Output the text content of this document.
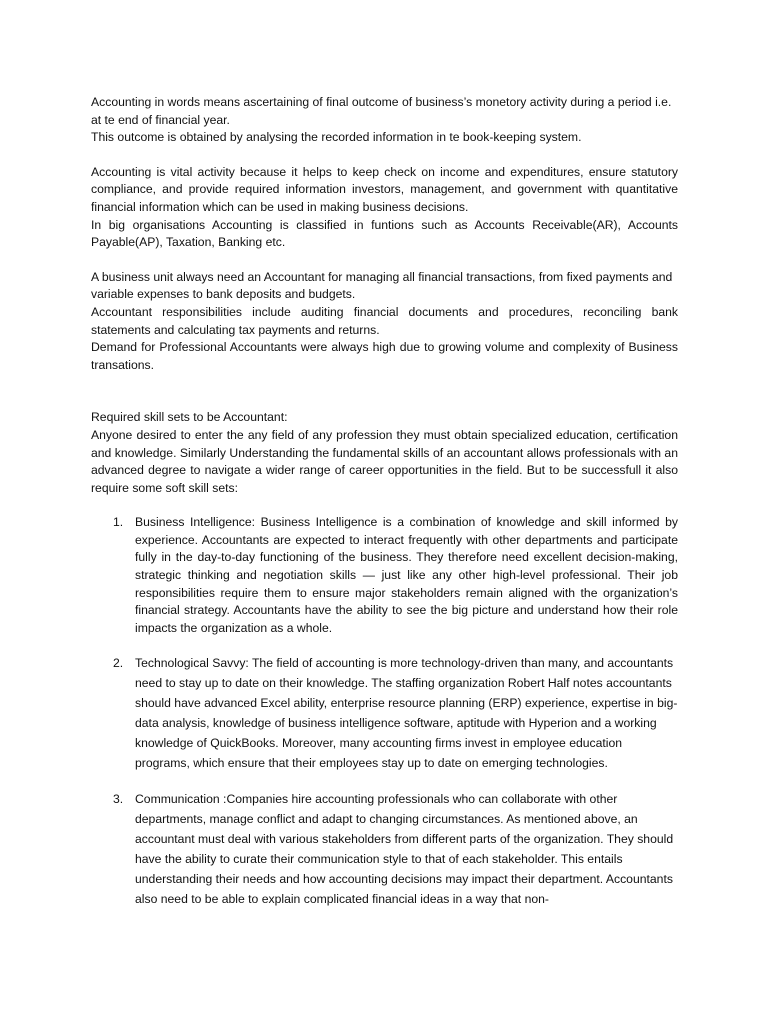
Accounting in words means ascertaining of final outcome of business’s monetory activity during a period i.e. at te end of financial year.

This outcome is obtained by analysing the recorded information in te book-keeping system.

Accounting is vital activity because it helps to keep check on income and expenditures, ensure statutory compliance, and provide required information investors, management, and government with quantitative financial information which can be used in making business decisions.

In big organisations Accounting is classified in funtions such as Accounts Receivable(AR), Accounts Payable(AP), Taxation, Banking etc.

A business unit always need an Accountant for managing all financial transactions, from fixed payments and variable expenses to bank deposits and budgets.

Accountant responsibilities include auditing financial documents and procedures, reconciling bank statements and calculating tax payments and returns.

Demand for Professional Accountants were always high due to growing volume and complexity of Business transations.

Required skill sets to be Accountant:

Anyone desired to enter the any field of any profession they must obtain specialized education, certification and knowledge. Similarly Understanding the fundamental skills of an accountant allows professionals with an advanced degree to navigate a wider range of career opportunities in the field. But to be successfull it also require some soft skill sets:

1. Business Intelligence: Business Intelligence is a combination of knowledge and skill informed by experience. Accountants are expected to interact frequently with other departments and participate fully in the day-to-day functioning of the business. They therefore need excellent decision-making, strategic thinking and negotiation skills — just like any other high-level professional. Their job responsibilities require them to ensure major stakeholders remain aligned with the organization’s financial strategy. Accountants have the ability to see the big picture and understand how their role impacts the organization as a whole.

2. Technological Savvy: The field of accounting is more technology-driven than many, and accountants need to stay up to date on their knowledge. The staffing organization Robert Half notes accountants should have advanced Excel ability, enterprise resource planning (ERP) experience, expertise in big-data analysis, knowledge of business intelligence software, aptitude with Hyperion and a working knowledge of QuickBooks. Moreover, many accounting firms invest in employee education programs, which ensure that their employees stay up to date on emerging technologies.

3. Communication :Companies hire accounting professionals who can collaborate with other departments, manage conflict and adapt to changing circumstances. As mentioned above, an accountant must deal with various stakeholders from different parts of the organization. They should have the ability to curate their communication style to that of each stakeholder. This entails understanding their needs and how accounting decisions may impact their department. Accountants also need to be able to explain complicated financial ideas in a way that non-
